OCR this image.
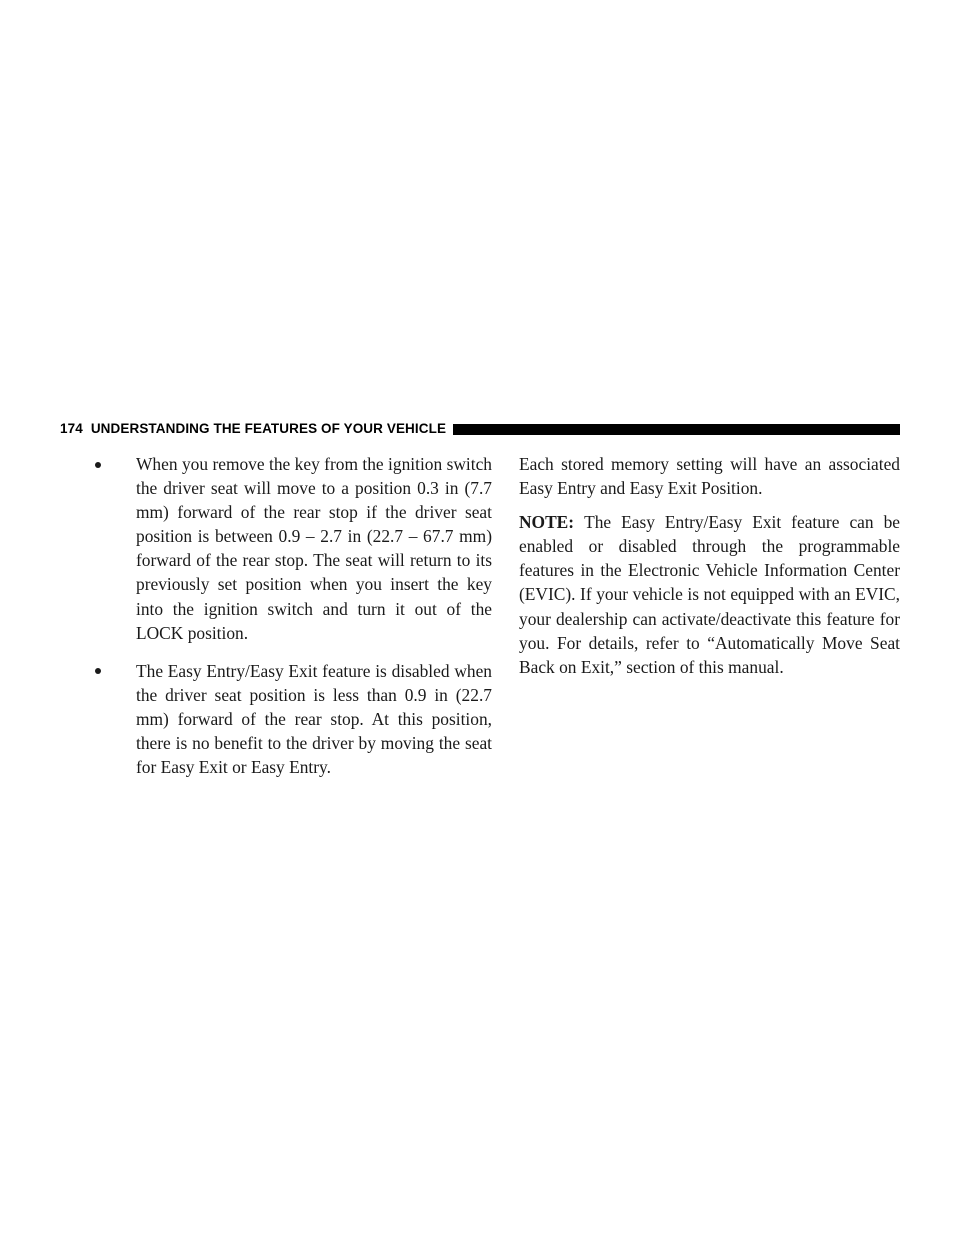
174 UNDERSTANDING THE FEATURES OF YOUR VEHICLE
When you remove the key from the ignition switch the driver seat will move to a position 0.3 in (7.7 mm) forward of the rear stop if the driver seat position is between 0.9 – 2.7 in (22.7 – 67.7 mm) forward of the rear stop. The seat will return to its previously set position when you insert the key into the ignition switch and turn it out of the LOCK position.
The Easy Entry/Easy Exit feature is disabled when the driver seat position is less than 0.9 in (22.7 mm) forward of the rear stop. At this position, there is no benefit to the driver by moving the seat for Easy Exit or Easy Entry.

Each stored memory setting will have an associated Easy Entry and Easy Exit Position.

NOTE: The Easy Entry/Easy Exit feature can be enabled or disabled through the programmable features in the Electronic Vehicle Information Center (EVIC). If your vehicle is not equipped with an EVIC, your dealership can activate/deactivate this feature for you. For details, refer to “Automatically Move Seat Back on Exit,” section of this manual.
